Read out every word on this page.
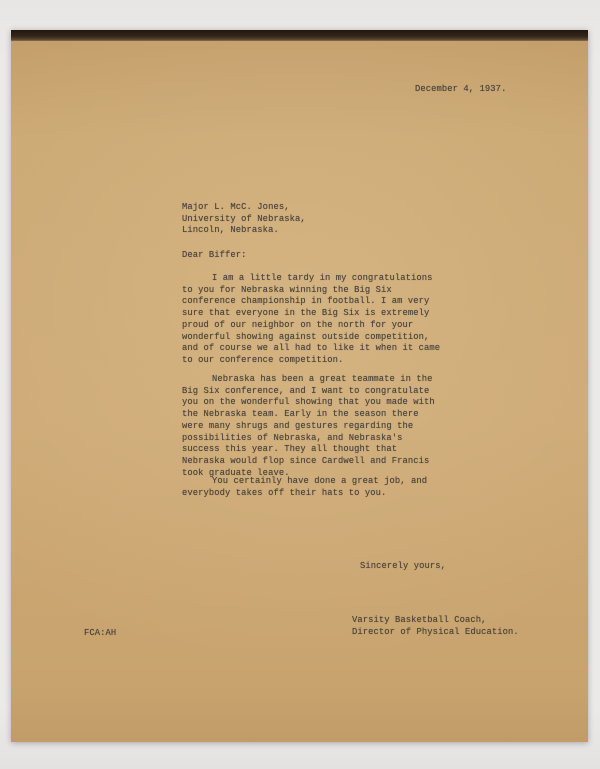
December 4, 1937.
Major L. McC. Jones,
University of Nebraska,
Lincoln, Nebraska.
Dear Biffer:

I am a little tardy in my congratulations to you for Nebraska winning the Big Six conference championship in football. I am very sure that everyone in the Big Six is extremely proud of our neighbor on the north for your wonderful showing against outside competition, and of course we all had to like it when it came to our conference competition.

Nebraska has been a great teammate in the Big Six conference, and I want to congratulate you on the wonderful showing that you made with the Nebraska team. Early in the season there were many shrugs and gestures regarding the possibilities of Nebraska, and Nebraska's success this year. They all thought that Nebraska would flop since Cardwell and Francis took graduate leave.

You certainly have done a great job, and everybody takes off their hats to you.

Sincerely yours,
Varsity Basketball Coach,
Director of Physical Education.
FCA:AH
